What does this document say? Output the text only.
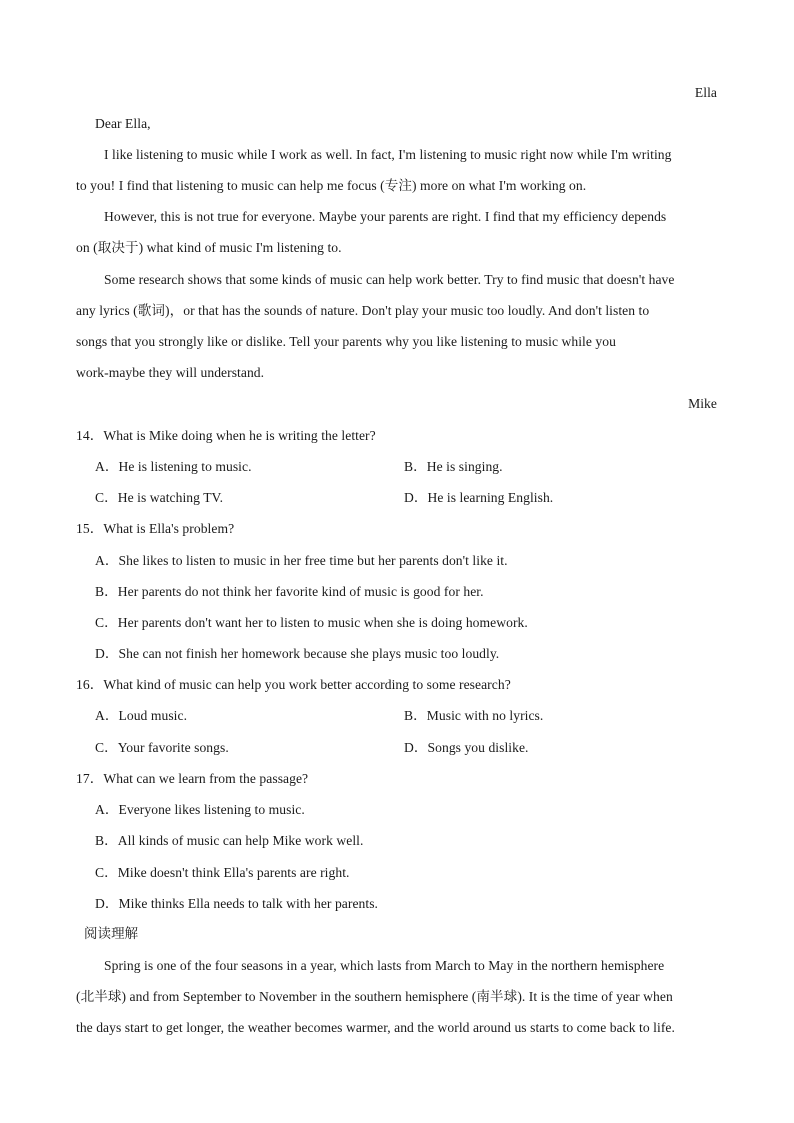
Ella
Dear Ella,
I like listening to music while I work as well. In fact, I'm listening to music right now while I'm writing
to you! I find that listening to music can help me focus (专注) more on what I'm working on.
However, this is not true for everyone. Maybe your parents are right. I find that my efficiency depends
on (取决于) what kind of music I'm listening to.
Some research shows that some kinds of music can help work better. Try to find music that doesn't have
any lyrics (歌词)，or that has the sounds of nature. Don't play your music too loudly. And don't listen to
songs that you strongly like or dislike. Tell your parents why you like listening to music while you
work-maybe they will understand.
Mike
14．What is Mike doing when he is writing the letter?
A．He is listening to music.	B．He is singing.
C．He is watching TV.	D．He is learning English.
15．What is Ella's problem?
A．She likes to listen to music in her free time but her parents don't like it.
B．Her parents do not think her favorite kind of music is good for her.
C．Her parents don't want her to listen to music when she is doing homework.
D．She can not finish her homework because she plays music too loudly.
16．What kind of music can help you work better according to some research?
A．Loud music.	B．Music with no lyrics.
C．Your favorite songs.	D．Songs you dislike.
17．What can we learn from the passage?
A．Everyone likes listening to music.
B．All kinds of music can help Mike work well.
C．Mike doesn't think Ella's parents are right.
D．Mike thinks Ella needs to talk with her parents.
阅读理解
Spring is one of the four seasons in a year, which lasts from March to May in the northern hemisphere
(北半球) and from September to November in the southern hemisphere (南半球). It is the time of year when
the days start to get longer, the weather becomes warmer, and the world around us starts to come back to life.
